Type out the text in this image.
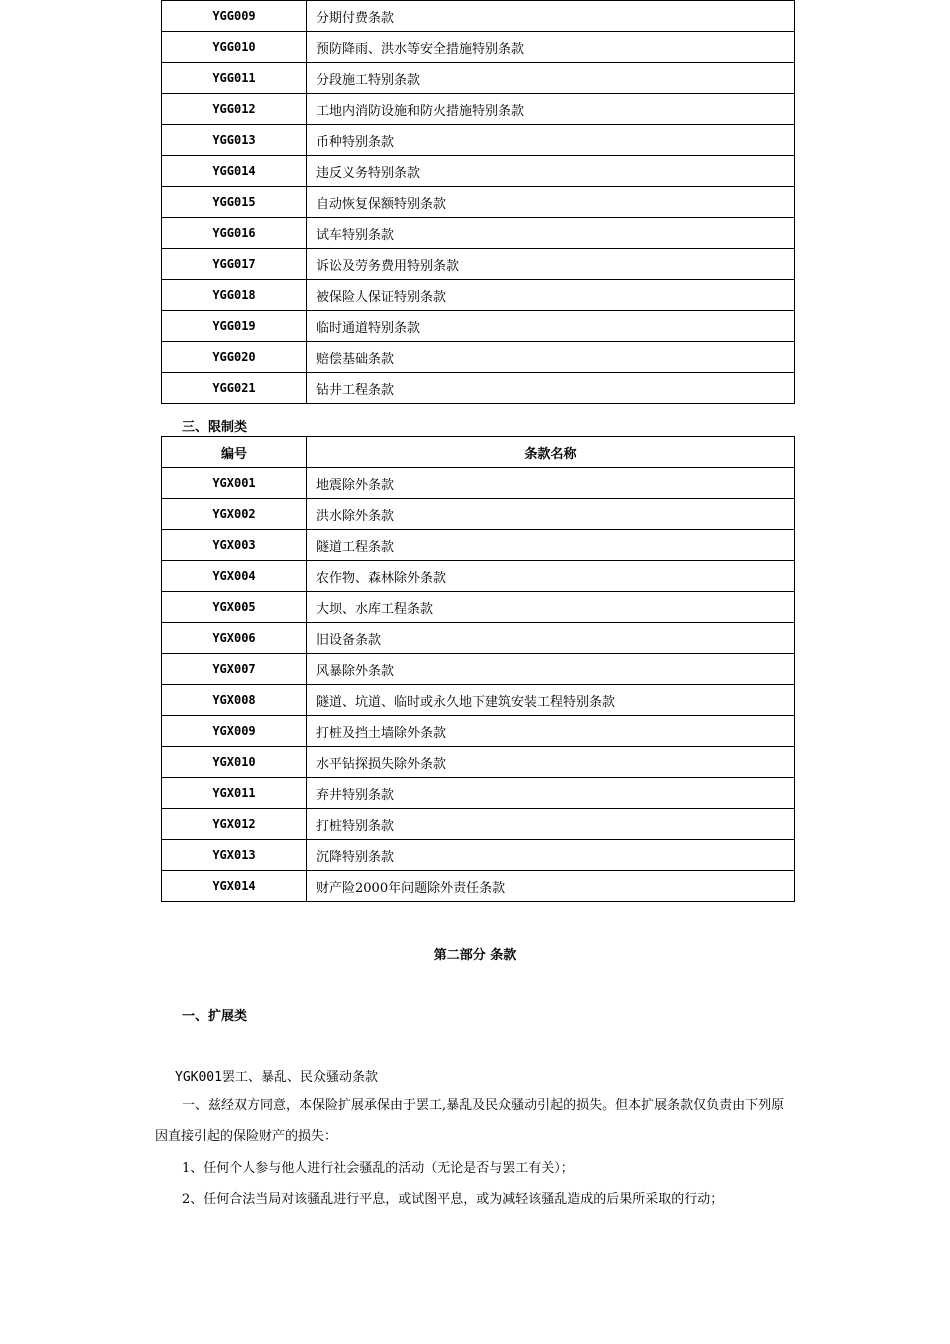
YGG009	分期付费条款
YGG010	预防降雨、洪水等安全措施特别条款
YGG011	分段施工特别条款
YGG012	工地内消防设施和防火措施特别条款
YGG013	币种特别条款
YGG014	违反义务特别条款
YGG015	自动恢复保额特别条款
YGG016	试车特别条款
YGG017	诉讼及劳务费用特别条款
YGG018	被保险人保证特别条款
YGG019	临时通道特别条款
YGG020	赔偿基础条款
YGG021	钻井工程条款
三、限制类
编号	条款名称
YGX001	地震除外条款
YGX002	洪水除外条款
YGX003	隧道工程条款
YGX004	农作物、森林除外条款
YGX005	大坝、水库工程条款
YGX006	旧设备条款
YGX007	风暴除外条款
YGX008	隧道、坑道、临时或永久地下建筑安装工程特别条款
YGX009	打桩及挡土墙除外条款
YGX010	水平钻探损失除外条款
YGX011	弃井特别条款
YGX012	打桩特别条款
YGX013	沉降特别条款
YGX014	财产险2000年问题除外责任条款
第二部分 条款
一、扩展类
YGK001罢工、暴乱、民众骚动条款
一、兹经双方同意，本保险扩展承保由于罢工,暴乱及民众骚动引起的损失。但本扩展条款仅负责由下列原因直接引起的保险财产的损失：
1、任何个人参与他人进行社会骚乱的活动（无论是否与罢工有关）；
2、任何合法当局对该骚乱进行平息，或试图平息，或为减轻该骚乱造成的后果所采取的行动；
